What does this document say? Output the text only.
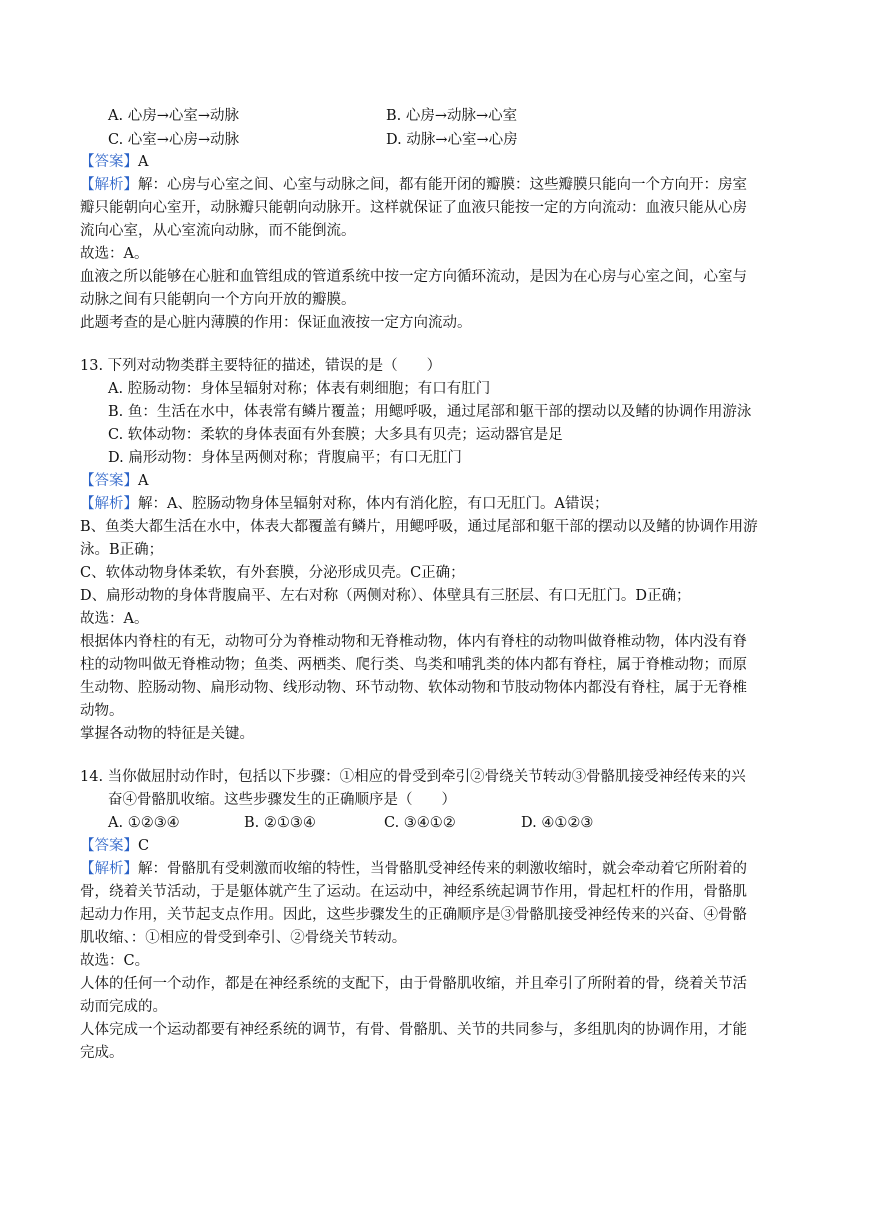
A. 心房→心室→动脉	B. 心房→动脉→心室
C. 心室→心房→动脉	D. 动脉→心室→心房
【答案】A
【解析】解：心房与心室之间、心室与动脉之间，都有能开闭的瓣膜：这些瓣膜只能向一个方向开：房室
瓣只能朝向心室开，动脉瓣只能朝向动脉开。这样就保证了血液只能按一定的方向流动：血液只能从心房
流向心室，从心室流向动脉，而不能倒流。
故选：A。
血液之所以能够在心脏和血管组成的管道系统中按一定方向循环流动，是因为在心房与心室之间，心室与
动脉之间有只能朝向一个方向开放的瓣膜。
此题考查的是心脏内薄膜的作用：保证血液按一定方向流动。
13. 下列对动物类群主要特征的描述，错误的是（　　）
A. 腔肠动物：身体呈辐射对称；体表有刺细胞；有口有肛门
B. 鱼：生活在水中，体表常有鳞片覆盖；用鳃呼吸，通过尾部和躯干部的摆动以及鳍的协调作用游泳
C. 软体动物：柔软的身体表面有外套膜；大多具有贝壳；运动器官是足
D. 扁形动物：身体呈两侧对称；背腹扁平；有口无肛门
【答案】A
【解析】解：A、腔肠动物身体呈辐射对称，体内有消化腔，有口无肛门。A错误；
B、鱼类大都生活在水中，体表大都覆盖有鳞片，用鳃呼吸，通过尾部和躯干部的摆动以及鳍的协调作用游
泳。B正确；
C、软体动物身体柔软，有外套膜，分泌形成贝壳。C正确；
D、扁形动物的身体背腹扁平、左右对称（两侧对称）、体壁具有三胚层、有口无肛门。D正确；
故选：A。
根据体内脊柱的有无，动物可分为脊椎动物和无脊椎动物，体内有脊柱的动物叫做脊椎动物，体内没有脊
柱的动物叫做无脊椎动物；鱼类、两栖类、爬行类、鸟类和哺乳类的体内都有脊柱，属于脊椎动物；而原
生动物、腔肠动物、扁形动物、线形动物、环节动物、软体动物和节肢动物体内都没有脊柱，属于无脊椎
动物。
掌握各动物的特征是关键。
14. 当你做屈肘动作时，包括以下步骤：①相应的骨受到牵引②骨绕关节转动③骨骼肌接受神经传来的兴
奋④骨骼肌收缩。这些步骤发生的正确顺序是（　　）
A. ①②③④	B. ②①③④	C. ③④①②	D. ④①②③
【答案】C
【解析】解：骨骼肌有受刺激而收缩的特性，当骨骼肌受神经传来的刺激收缩时，就会牵动着它所附着的
骨，绕着关节活动，于是躯体就产生了运动。在运动中，神经系统起调节作用，骨起杠杆的作用，骨骼肌
起动力作用，关节起支点作用。因此，这些步骤发生的正确顺序是③骨骼肌接受神经传来的兴奋、④骨骼
肌收缩、：①相应的骨受到牵引、②骨绕关节转动。
故选：C。
人体的任何一个动作，都是在神经系统的支配下，由于骨骼肌收缩，并且牵引了所附着的骨，绕着关节活
动而完成的。
人体完成一个运动都要有神经系统的调节，有骨、骨骼肌、关节的共同参与，多组肌肉的协调作用，才能
完成。
